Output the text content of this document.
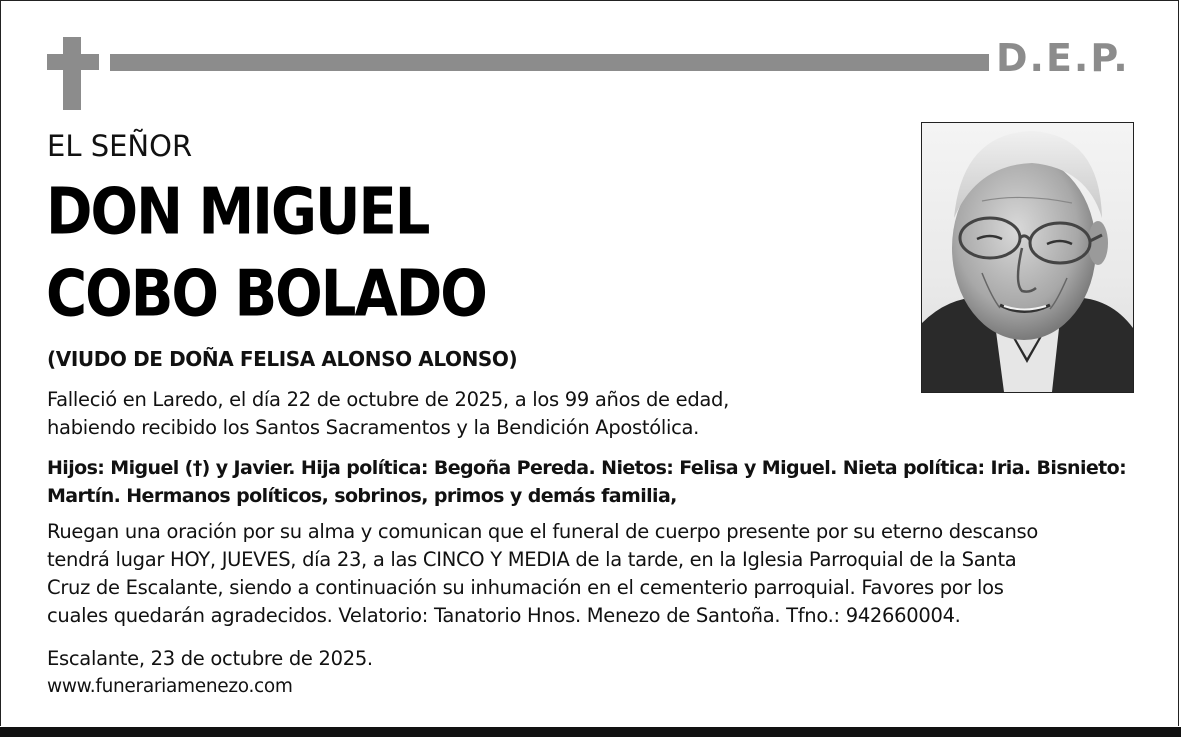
D.E.P.
EL SEÑOR
DON MIGUEL
COBO BOLADO
(VIUDO DE DOÑA FELISA ALONSO ALONSO)
Falleció en Laredo, el día 22 de octubre de 2025, a los 99 años de edad,
habiendo recibido los Santos Sacramentos y la Bendición Apostólica.
Hijos: Miguel (†) y Javier. Hija política: Begoña Pereda. Nietos: Felisa y Miguel. Nieta política: Iria. Bisnieto: Martín. Hermanos políticos, sobrinos, primos y demás familia,
Ruegan una oración por su alma y comunican que el funeral de cuerpo presente por su eterno descanso
tendrá lugar HOY, JUEVES, día 23, a las CINCO Y MEDIA de la tarde, en la Iglesia Parroquial de la Santa
Cruz de Escalante, siendo a continuación su inhumación en el cementerio parroquial. Favores por los
cuales quedarán agradecidos. Velatorio: Tanatorio Hnos. Menezo de Santoña. Tfno.: 942660004.
Escalante, 23 de octubre de 2025.
www.funerariamenezo.com
